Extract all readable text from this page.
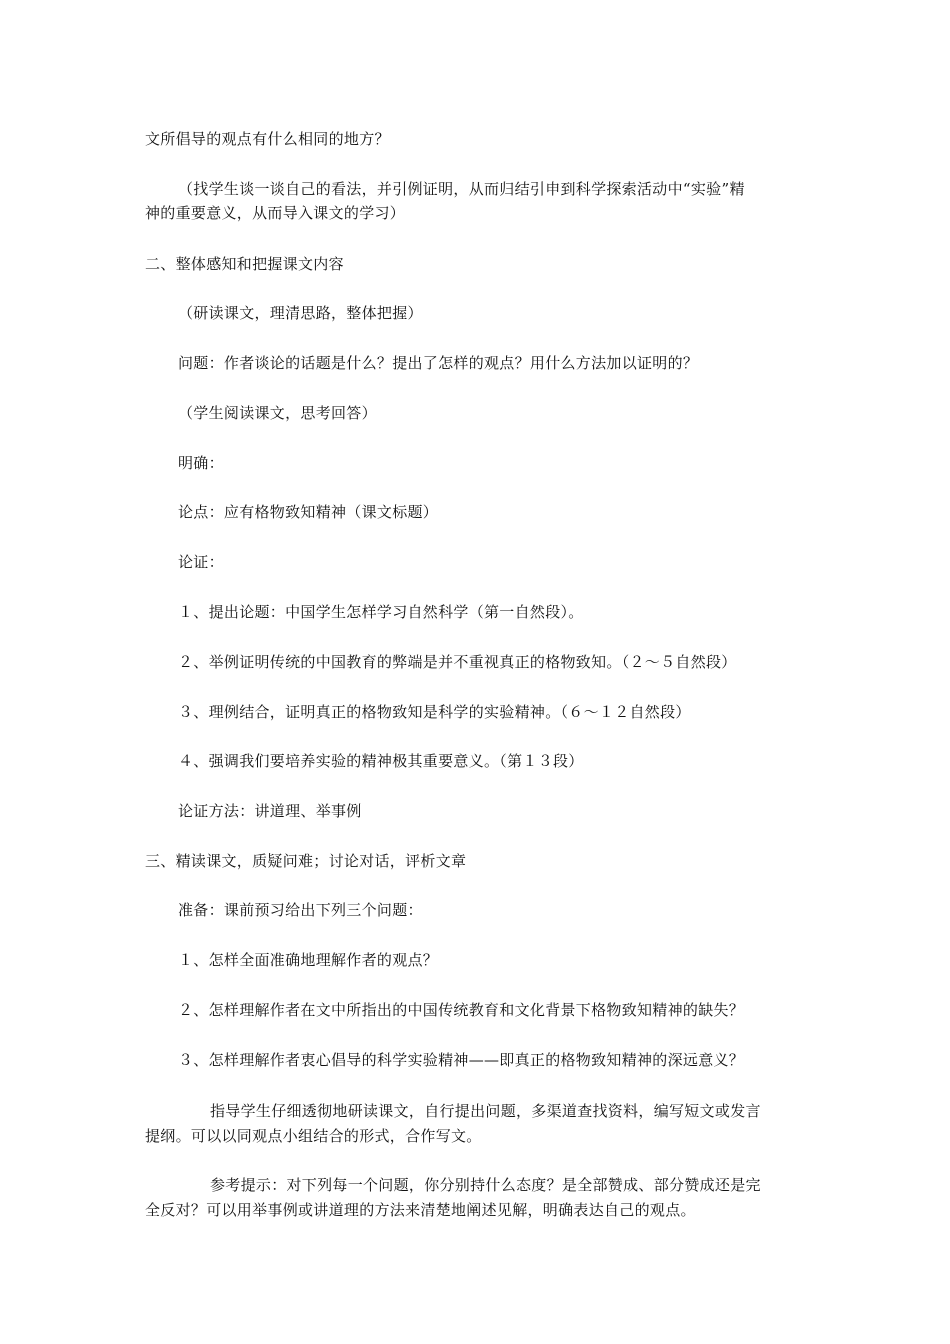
文所倡导的观点有什么相同的地方？
（找学生谈一谈自己的看法，并引例证明，从而归结引申到科学探索活动中“实验”精
神的重要意义，从而导入课文的学习）
二、整体感知和把握课文内容
（研读课文，理清思路，整体把握）
问题：作者谈论的话题是什么？提出了怎样的观点？用什么方法加以证明的？
（学生阅读课文，思考回答）
明确：
论点：应有格物致知精神（课文标题）
论证：
１、提出论题：中国学生怎样学习自然科学（第一自然段）。
２、举例证明传统的中国教育的弊端是并不重视真正的格物致知。（２～５自然段）
３、理例结合，证明真正的格物致知是科学的实验精神。（６～１２自然段）
４、强调我们要培养实验的精神极其重要意义。（第１３段）
论证方法：讲道理、举事例
三、精读课文，质疑问难；讨论对话，评析文章
准备：课前预习给出下列三个问题：
１、怎样全面准确地理解作者的观点？
２、怎样理解作者在文中所指出的中国传统教育和文化背景下格物致知精神的缺失？
３、怎样理解作者衷心倡导的科学实验精神——即真正的格物致知精神的深远意义？
指导学生仔细透彻地研读课文，自行提出问题，多渠道查找资料，编写短文或发言
提纲。可以以同观点小组结合的形式，合作写文。
参考提示：对下列每一个问题，你分别持什么态度？是全部赞成、部分赞成还是完
全反对？可以用举事例或讲道理的方法来清楚地阐述见解，明确表达自己的观点。
